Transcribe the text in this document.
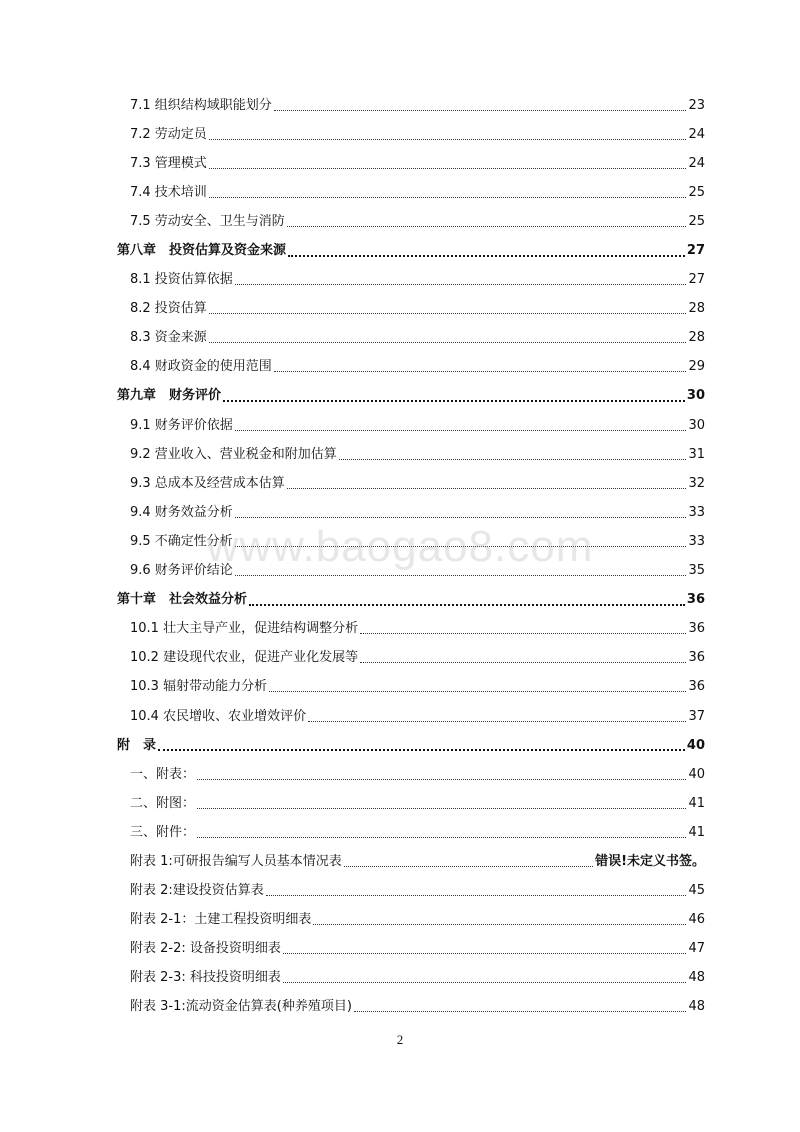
7.1 组织结构域职能划分	23
7.2 劳动定员	24
7.3 管理模式	24
7.4 技术培训	25
7.5 劳动安全、卫生与消防	25
第八章　投资估算及资金来源	27
8.1 投资估算依据	27
8.2 投资估算	28
8.3 资金来源	28
8.4 财政资金的使用范围	29
第九章　财务评价	30
9.1 财务评价依据	30
9.2 营业收入、营业税金和附加估算	31
9.3 总成本及经营成本估算	32
9.4 财务效益分析	33
9.5 不确定性分析	33
9.6 财务评价结论	35
第十章　社会效益分析	36
10.1 壮大主导产业，促进结构调整分析	36
10.2 建设现代农业，促进产业化发展等	36
10.3 辐射带动能力分析	36
10.4 农民增收、农业增效评价	37
附　录	40
一、附表：	40
二、附图：	41
三、附件：	41
附表 1:可研报告编写人员基本情况表	错误!未定义书签。
附表 2:建设投资估算表	45
附表 2-1：土建工程投资明细表	46
附表 2-2: 设备投资明细表	47
附表 2-3: 科技投资明细表	48
附表 3-1:流动资金估算表(种养殖项目)	48
www.baogao8.com
2
